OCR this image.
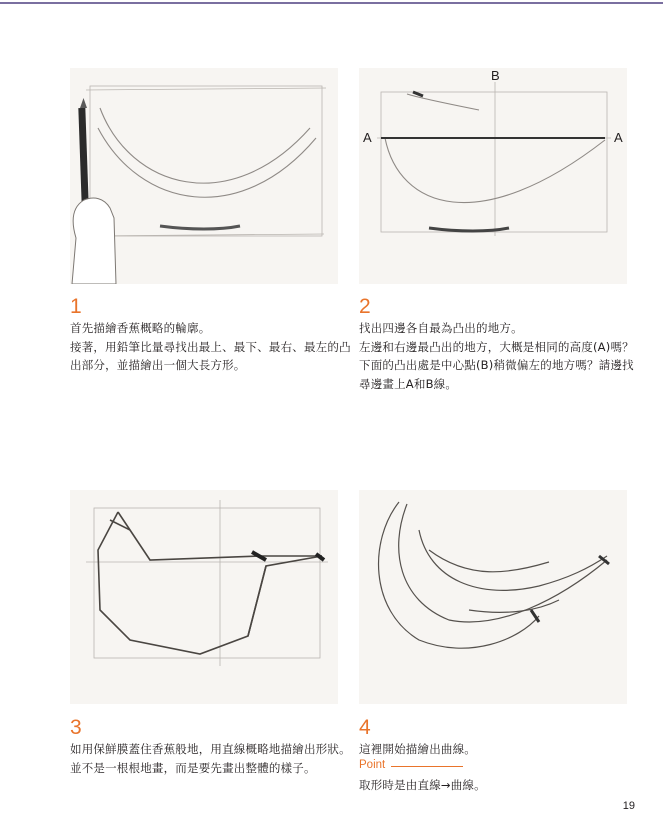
B
A	A
1

首先描繪香蕉概略的輪廓。

接著，用鉛筆比量尋找出最上、最下、最右、最左的凸

出部分，並描繪出一個大長方形。

2

找出四邊各自最為凸出的地方。

左邊和右邊最凸出的地方，大概是相同的高度(A)嗎？

下面的凸出處是中心點(B)稍微偏左的地方嗎？請邊找

尋邊畫上A和B線。

3

如用保鮮膜蓋住香蕉般地，用直線概略地描繪出形狀。

並不是一根根地畫，而是要先畫出整體的樣子。

4

這裡開始描繪出曲線。

Point

取形時是由直線→曲線。

19
